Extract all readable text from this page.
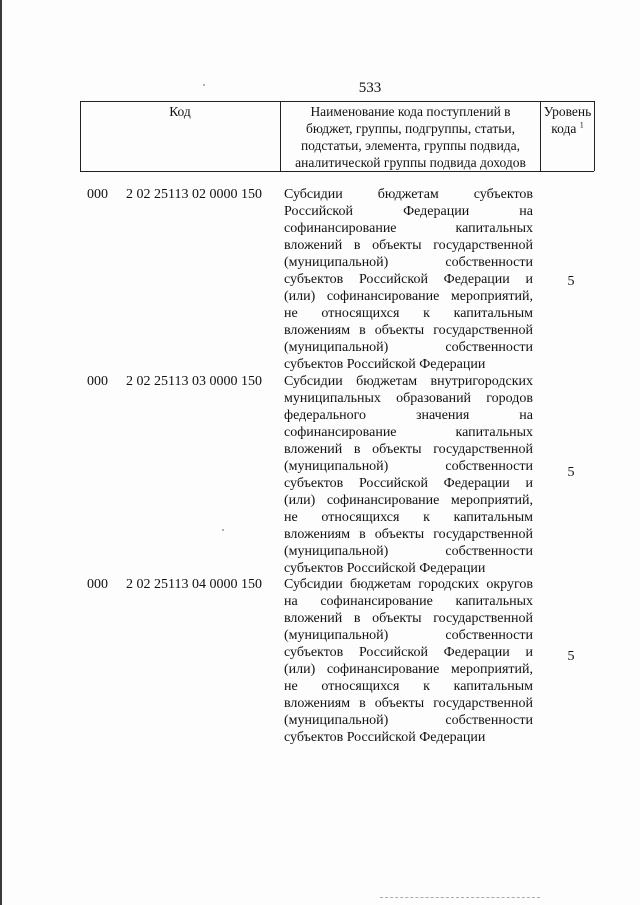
533
Код	Наименование кода поступлений в
бюджет, группы, подгруппы, статьи,
подстатьи, элемента, группы подвида,
аналитической группы подвида доходов
Уровень
кода $^1$
000 2 02 25113 02 0000 150 Субсидии бюджетам субъектов
Российской Федерации на
софинансирование капитальных
вложений в объекты государственной
(муниципальной) собственности
субъектов Российской Федерации и
(или) софинансирование мероприятий,
не относящихся к капитальным
вложениям в объекты государственной
(муниципальной) собственности
субъектов Российской Федерации
5
000 2 02 25113 03 0000 150 Субсидии бюджетам внутригородских
муниципальных образований городов
федерального значения на
софинансирование капитальных
вложений в объекты государственной
(муниципальной) собственности
субъектов Российской Федерации и
(или) софинансирование мероприятий,
не относящихся к капитальным
вложениям в объекты государственной
(муниципальной) собственности
субъектов Российской Федерации
5
000 2 02 25113 04 0000 150 Субсидии бюджетам городских округов
на софинансирование капитальных
вложений в объекты государственной
(муниципальной) собственности
субъектов Российской Федерации и
(или) софинансирование мероприятий,
не относящихся к капитальным
вложениям в объекты государственной
(муниципальной) собственности
субъектов Российской Федерации
5
